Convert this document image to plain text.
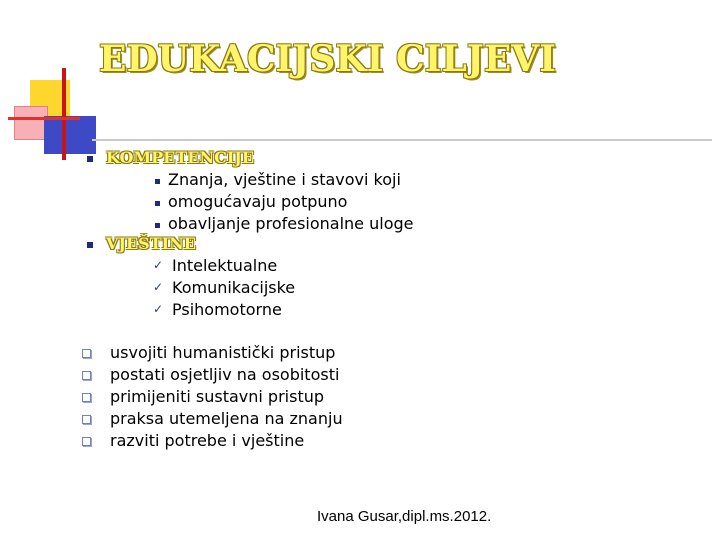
EDUKACIJSKI CILJEVI
KOMPETENCIJE
Znanja, vještine i stavovi koji
omogućavaju potpuno
obavljanje profesionalne uloge
VJEŠTINE
✓ Intelektualne
✓ Komunikacijske
✓ Psihomotorne
usvojiti humanistički pristup
postati osjetljiv na osobitosti
primijeniti sustavni pristup
praksa utemeljena na znanju
razviti potrebe i vještine
Ivana Gusar,dipl.ms.2012.
